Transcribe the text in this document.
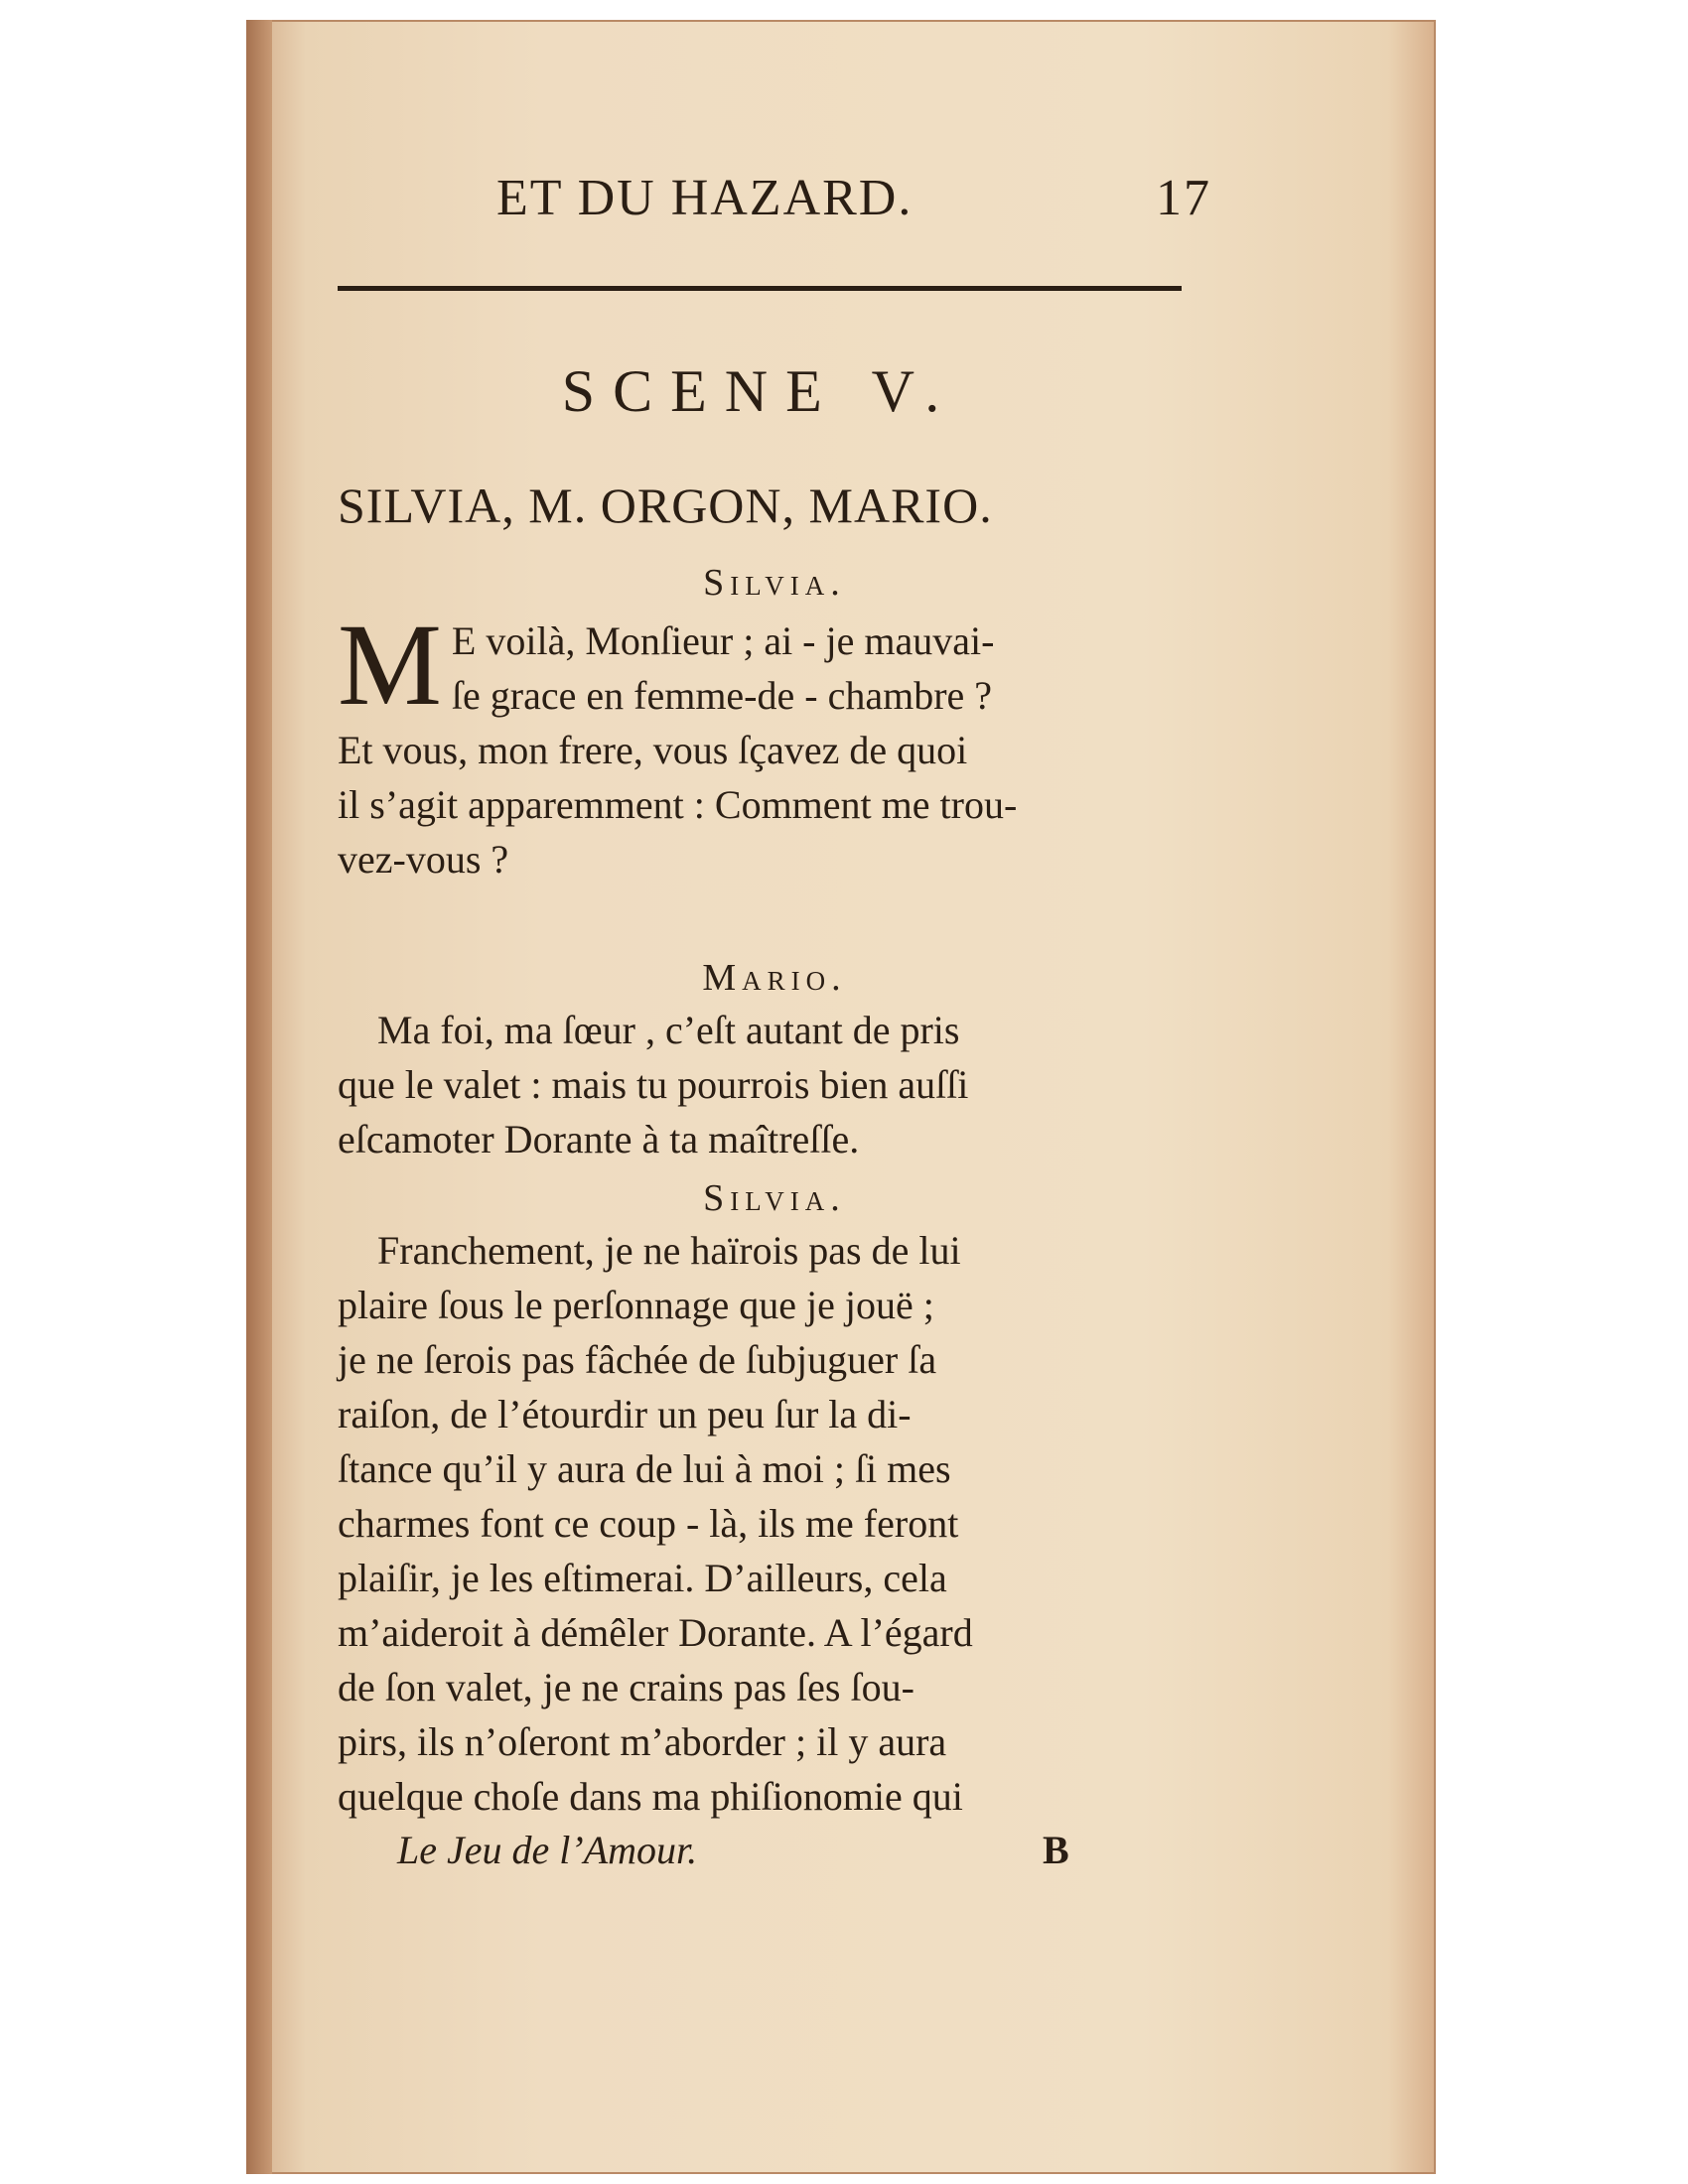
ET DU HAZARD.	17
SCENE V.
SILVIA, M. ORGON, MARIO.

Silvia.

M E voilà, Monſieur ; ai - je mauvai-

ſe grace en femme-de - chambre ?

Et vous, mon frere, vous ſçavez de quoi

il s’agit apparemment : Comment me trou-

vez-vous ?

Mario.

Ma foi, ma ſœur , c’eſt autant de pris

que le valet : mais tu pourrois bien auſſi

eſcamoter Dorante à ta maîtreſſe.

Silvia.

Franchement, je ne haïrois pas de lui

plaire ſous le perſonnage que je jouë ;

je ne ſerois pas fâchée de ſubjuguer ſa

raiſon, de l’étourdir un peu ſur la di-

ſtance qu’il y aura de lui à moi ; ſi mes

charmes font ce coup - là, ils me feront

plaiſir, je les eſtimerai. D’ailleurs, cela

m’aideroit à démêler Dorante. A l’égard

de ſon valet, je ne crains pas ſes ſou-

pirs, ils n’oſeront m’aborder ; il y aura

quelque choſe dans ma phiſionomie qui

Le Jeu de l’Amour.	B
